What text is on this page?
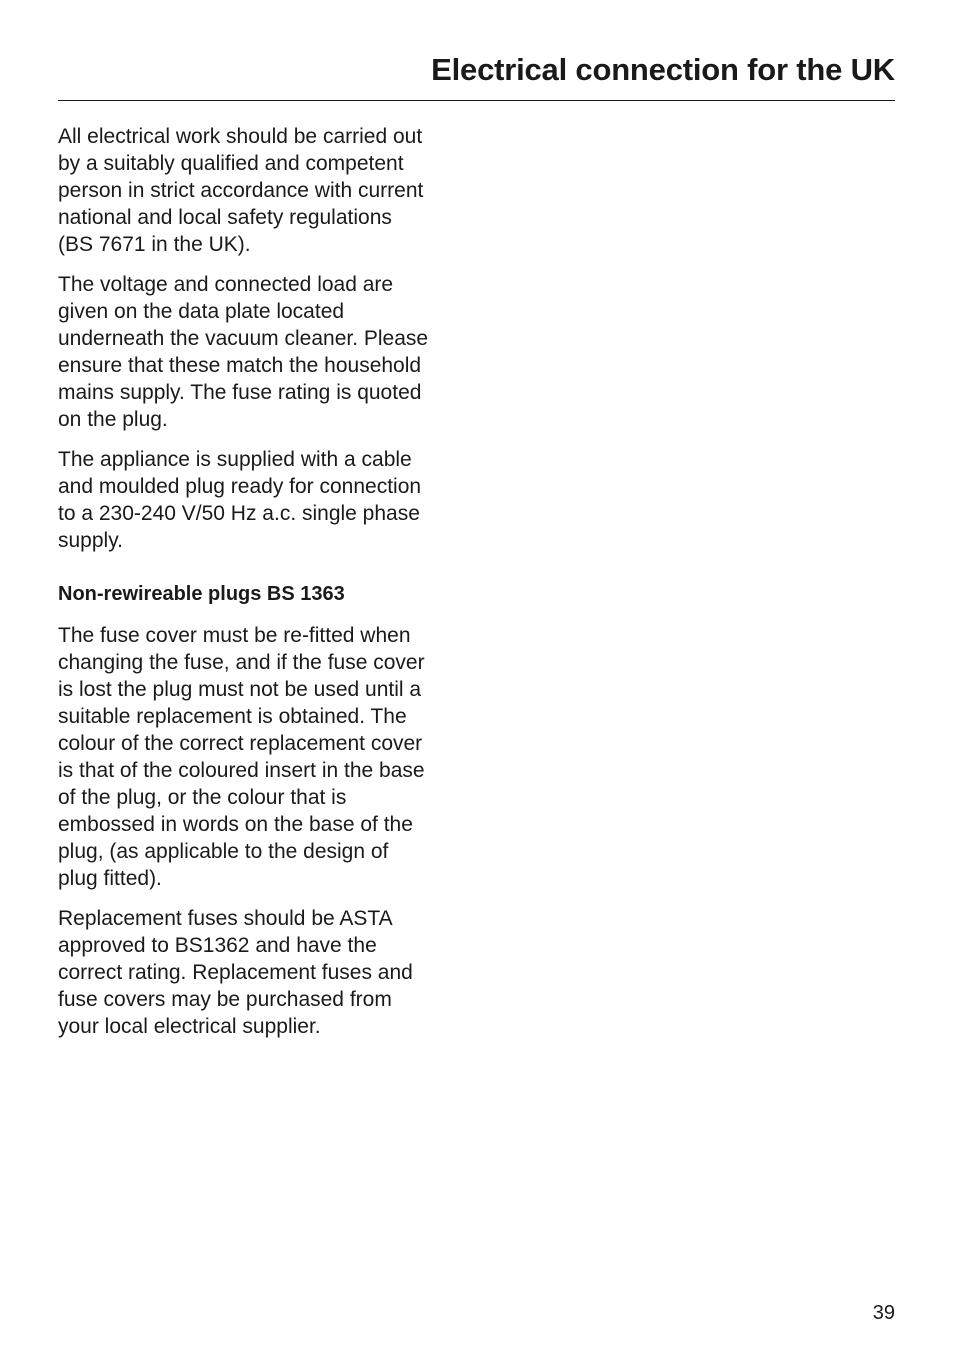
Electrical connection for the UK

All electrical work should be carried out
by a suitably qualified and competent
person in strict accordance with current
national and local safety regulations
(BS 7671 in the UK).

The voltage and connected load are
given on the data plate located
underneath the vacuum cleaner. Please
ensure that these match the household
mains supply. The fuse rating is quoted
on the plug.

The appliance is supplied with a cable
and moulded plug ready for connection
to a 230-240 V/50 Hz a.c. single phase
supply.

Non-rewireable plugs BS 1363

The fuse cover must be re-fitted when
changing the fuse, and if the fuse cover
is lost the plug must not be used until a
suitable replacement is obtained. The
colour of the correct replacement cover
is that of the coloured insert in the base
of the plug, or the colour that is
embossed in words on the base of the
plug, (as applicable to the design of
plug fitted).

Replacement fuses should be ASTA
approved to BS1362 and have the
correct rating. Replacement fuses and
fuse covers may be purchased from
your local electrical supplier.

39
